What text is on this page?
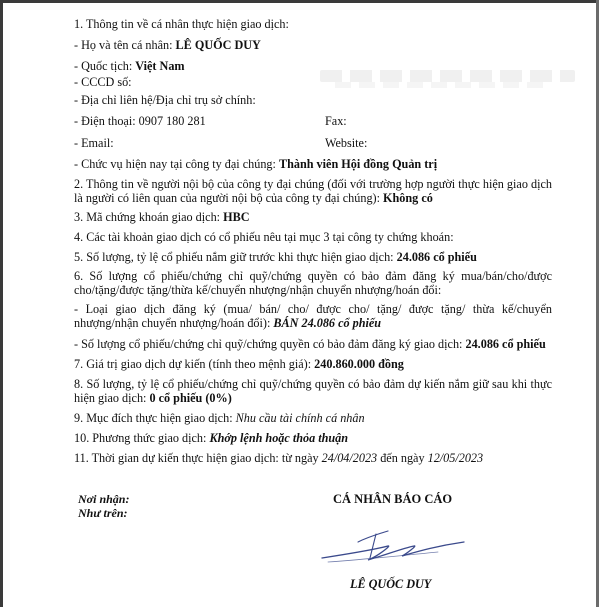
1. Thông tin về cá nhân thực hiện giao dịch:
- Họ và tên cá nhân: LÊ QUỐC DUY
- Quốc tịch: Việt Nam
- CCCD số:
- Địa chỉ liên hệ/Địa chỉ trụ sở chính:
- Điện thoại: 0907 180 281	Fax:
- Email:	Website:
- Chức vụ hiện nay tại công ty đại chúng: Thành viên Hội đồng Quản trị
2. Thông tin về người nội bộ của công ty đại chúng (đối với trường hợp người thực hiện giao dịch là người có liên quan của người nội bộ của công ty đại chúng): Không có
3. Mã chứng khoán giao dịch: HBC
4. Các tài khoản giao dịch có cổ phiếu nêu tại mục 3 tại công ty chứng khoán:
5. Số lượng, tỷ lệ cổ phiếu nắm giữ trước khi thực hiện giao dịch: 24.086 cổ phiếu
6. Số lượng cổ phiếu/chứng chỉ quỹ/chứng quyền có bảo đảm đăng ký mua/bán/cho/được cho/tặng/được tặng/thừa kế/chuyển nhượng/nhận chuyển nhượng/hoán đổi:
- Loại giao dịch đăng ký (mua/ bán/ cho/ được cho/ tặng/ được tặng/ thừa kế/chuyển nhượng/nhận chuyển nhượng/hoán đổi): BÁN 24.086 cổ phiếu
- Số lượng cổ phiếu/chứng chỉ quỹ/chứng quyền có bảo đảm đăng ký giao dịch: 24.086 cổ phiếu
7. Giá trị giao dịch dự kiến (tính theo mệnh giá): 240.860.000 đồng
8. Số lượng, tỷ lệ cổ phiếu/chứng chỉ quỹ/chứng quyền có bảo đảm dự kiến nắm giữ sau khi thực hiện giao dịch: 0 cổ phiếu (0%)
9. Mục đích thực hiện giao dịch: Nhu cầu tài chính cá nhân
10. Phương thức giao dịch: Khớp lệnh hoặc thỏa thuận
11. Thời gian dự kiến thực hiện giao dịch: từ ngày 24/04/2023 đến ngày 12/05/2023
Nơi nhận:
Như trên:
CÁ NHÂN BÁO CÁO
LÊ QUỐC DUY
